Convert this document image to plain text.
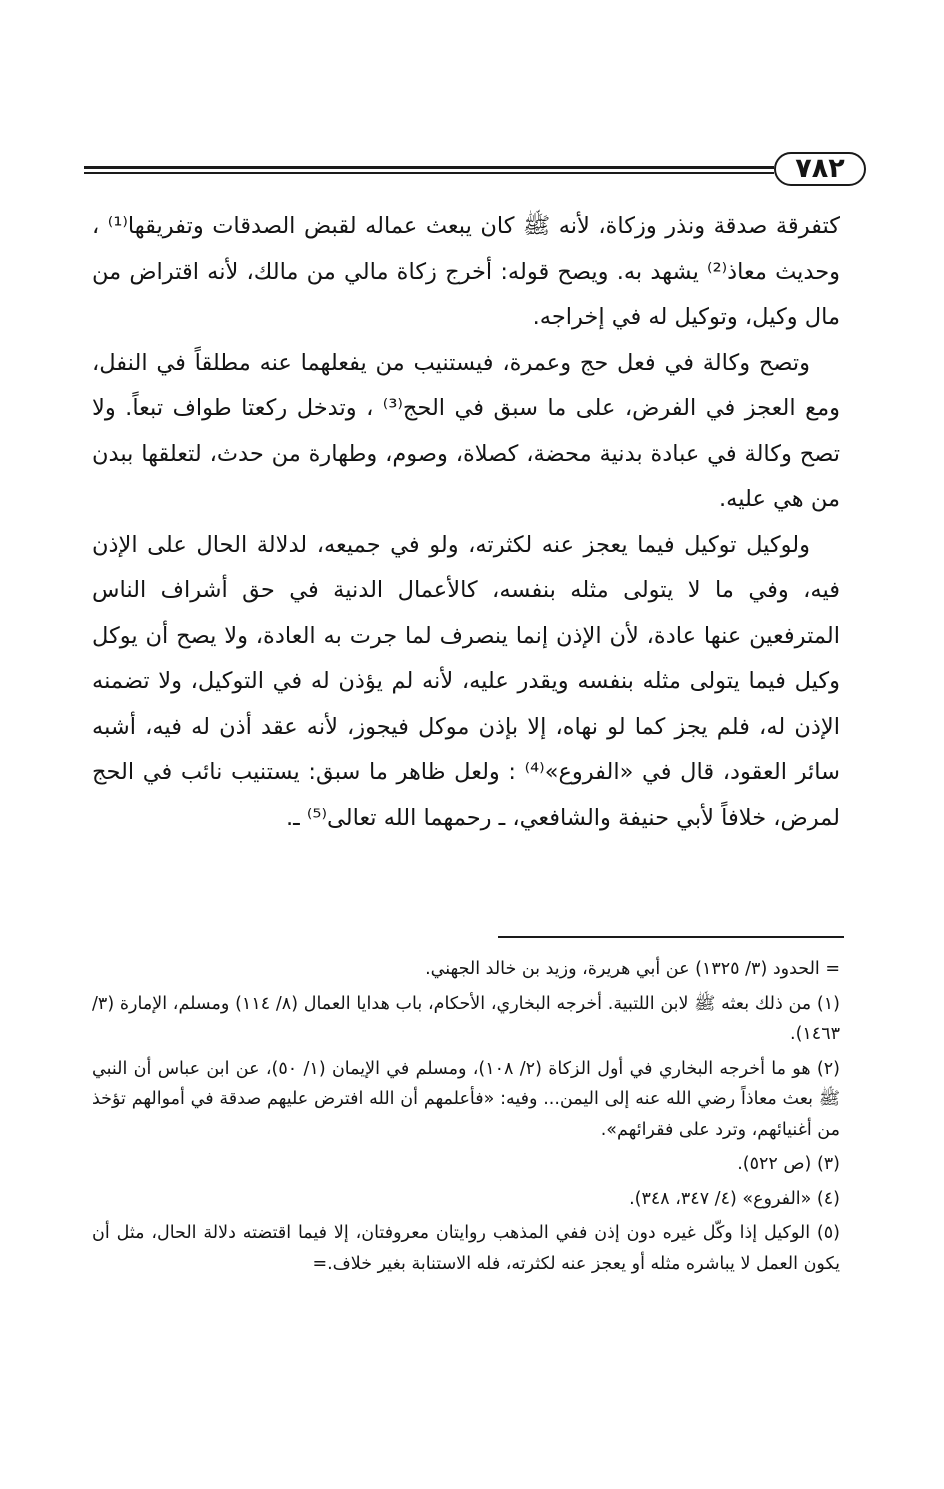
٧٨٢

كتفرقة صدقة ونذر وزكاة، لأنه ﷺ كان يبعث عماله لقبض الصدقات وتفريقها⁽¹⁾ ، وحديث معاذ⁽²⁾ يشهد به. ويصح قوله: أخرج زكاة مالي من مالك، لأنه اقتراض من مال وكيل، وتوكيل له في إخراجه.

وتصح وكالة في فعل حج وعمرة، فيستنيب من يفعلهما عنه مطلقاً في النفل، ومع العجز في الفرض، على ما سبق في الحج⁽³⁾ ، وتدخل ركعتا طواف تبعاً. ولا تصح وكالة في عبادة بدنية محضة، كصلاة، وصوم، وطهارة من حدث، لتعلقها ببدن من هي عليه.

ولوكيل توكيل فيما يعجز عنه لكثرته، ولو في جميعه، لدلالة الحال على الإذن فيه، وفي ما لا يتولى مثله بنفسه، كالأعمال الدنية في حق أشراف الناس المترفعين عنها عادة، لأن الإذن إنما ينصرف لما جرت به العادة، ولا يصح أن يوكل وكيل فيما يتولى مثله بنفسه ويقدر عليه، لأنه لم يؤذن له في التوكيل، ولا تضمنه الإذن له، فلم يجز كما لو نهاه، إلا بإذن موكل فيجوز، لأنه عقد أذن له فيه، أشبه سائر العقود، قال في «الفروع»⁽⁴⁾ : ولعل ظاهر ما سبق: يستنيب نائب في الحج لمرض، خلافاً لأبي حنيفة والشافعي، ـ رحمهما الله تعالى⁽⁵⁾ ـ.

= الحدود (٣/ ١٣٢٥) عن أبي هريرة، وزيد بن خالد الجهني.

(١) من ذلك بعثه ﷺ لابن اللتبية. أخرجه البخاري، الأحكام، باب هدايا العمال (٨/ ١١٤) ومسلم، الإمارة (٣/ ١٤٦٣).

(٢) هو ما أخرجه البخاري في أول الزكاة (٢/ ١٠٨)، ومسلم في الإيمان (١/ ٥٠)، عن ابن عباس أن النبي ﷺ بعث معاذاً رضي الله عنه إلى اليمن... وفيه: «فأعلمهم أن الله افترض عليهم صدقة في أموالهم تؤخذ من أغنيائهم، وترد على فقرائهم».

(٣) (ص ٥٢٢).

(٤) «الفروع» (٤/ ٣٤٧، ٣٤٨).

(٥) الوكيل إذا وكّل غيره دون إذن ففي المذهب روايتان معروفتان، إلا فيما اقتضته دلالة الحال، مثل أن يكون العمل لا يباشره مثله أو يعجز عنه لكثرته، فله الاستنابة بغير خلاف.=
